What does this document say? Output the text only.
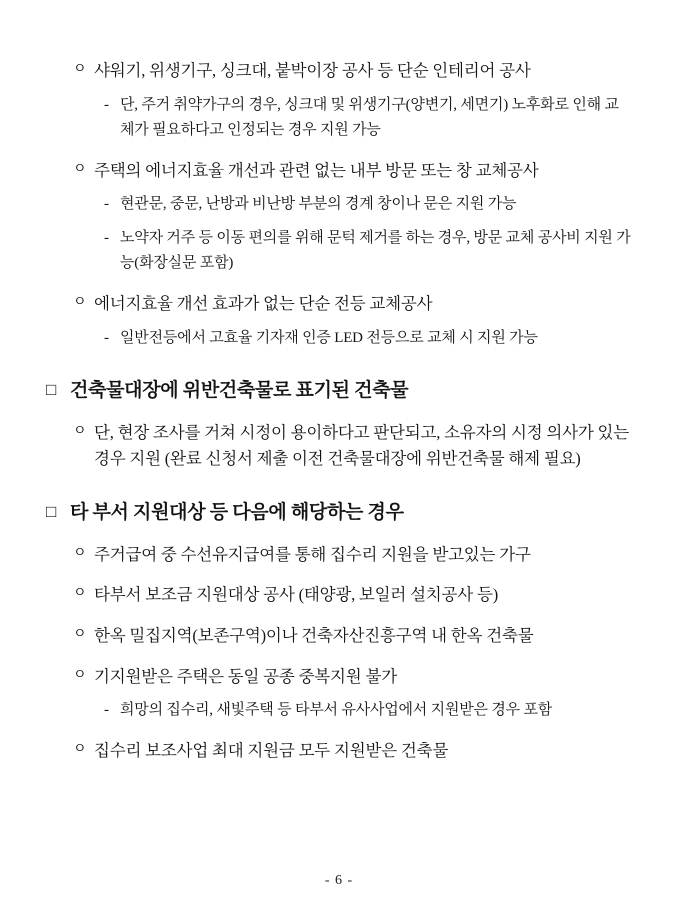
ㅇ 샤워기, 위생기구, 싱크대, 붙박이장 공사 등 단순 인테리어 공사
- 단, 주거 취약가구의 경우, 싱크대 및 위생기구(양변기, 세면기) 노후화로 인해 교체가 필요하다고 인정되는 경우 지원 가능
ㅇ 주택의 에너지효율 개선과 관련 없는 내부 방문 또는 창 교체공사
- 현관문, 중문, 난방과 비난방 부분의 경계 창이나 문은 지원 가능
- 노약자 거주 등 이동 편의를 위해 문턱 제거를 하는 경우, 방문 교체 공사비 지원 가능(화장실문 포함)
ㅇ 에너지효율 개선 효과가 없는 단순 전등 교체공사
- 일반전등에서 고효율 기자재 인증 LED 전등으로 교체 시 지원 가능
□ 건축물대장에 위반건축물로 표기된 건축물
ㅇ 단, 현장 조사를 거쳐 시정이 용이하다고 판단되고, 소유자의 시정 의사가 있는 경우 지원 (완료 신청서 제출 이전 건축물대장에 위반건축물 해제 필요)
□ 타 부서 지원대상 등 다음에 해당하는 경우
ㅇ 주거급여 중 수선유지급여를 통해 집수리 지원을 받고있는 가구
ㅇ 타부서 보조금 지원대상 공사 (태양광, 보일러 설치공사 등)
ㅇ 한옥 밀집지역(보존구역)이나 건축자산진흥구역 내 한옥 건축물
ㅇ 기지원받은 주택은 동일 공종 중복지원 불가
- 희망의 집수리, 새빛주택 등 타부서 유사사업에서 지원받은 경우 포함
ㅇ 집수리 보조사업 최대 지원금 모두 지원받은 건축물
- 6 -
